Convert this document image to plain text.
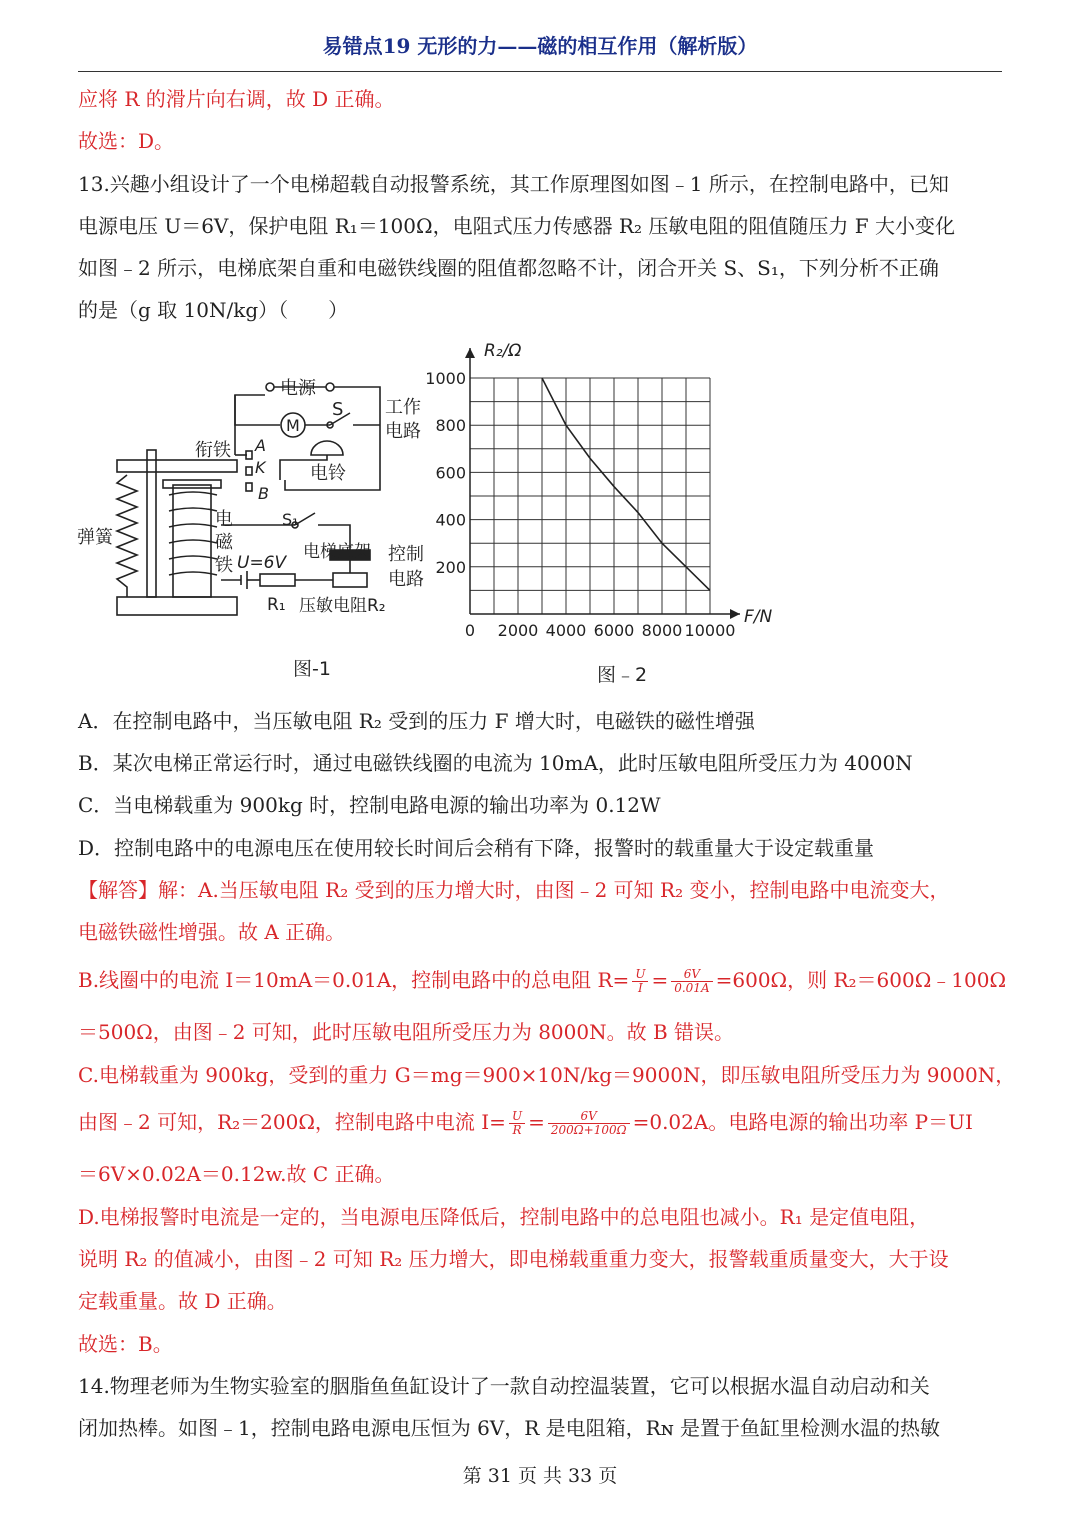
易错点19 无形的力——磁的相互作用（解析版）
应将 R 的滑片向右调，故 D 正确。
故选：D。
13.兴趣小组设计了一个电梯超载自动报警系统，其工作原理图如图﹣1 所示，在控制电路中，已知
电源电压 U＝6V，保护电阻 R₁＝100Ω，电阻式压力传感器 R₂ 压敏电阻的阻值随压力 F 大小变化
如图﹣2 所示，电梯底架自重和电磁铁线圈的阻值都忽略不计，闭合开关 S、S₁，下列分析不正确
的是（g 取 10N/kg）（　　）
电源
S 工作
电路
衔铁 A
K
B
电铃
M
弹簧
电
磁
铁
S₁
U=6V
电梯底架 控制
电路
R₁ 压敏电阻R₂
图-1
0 2000 4000 6000 8000 10000
200
400
600
800
1000
F/N
R₂/Ω
图﹣2
A．在控制电路中，当压敏电阻 R₂ 受到的压力 F 增大时，电磁铁的磁性增强
B．某次电梯正常运行时，通过电磁铁线圈的电流为 10mA，此时压敏电阻所受压力为 4000N
C．当电梯载重为 900kg 时，控制电路电源的输出功率为 0.12W
D．控制电路中的电源电压在使用较长时间后会稍有下降，报警时的载重量大于设定载重量
【解答】解：A.当压敏电阻 R₂ 受到的压力增大时，由图﹣2 可知 R₂ 变小，控制电路中电流变大，
电磁铁磁性增强。故 A 正确。
B.线圈中的电流 I＝10mA＝0.01A，控制电路中的总电阻 $R= \frac{U}{I} = \frac{6V}{0.01A} =600\Omega$，则 R₂＝600Ω﹣100Ω
＝500Ω，由图﹣2 可知，此时压敏电阻所受压力为 8000N。故 B 错误。
C.电梯载重为 900kg，受到的重力 G＝mg＝900×10N/kg＝9000N，即压敏电阻所受压力为 9000N，
由图﹣2 可知，R₂＝200Ω，控制电路中电流 $I= \frac{U}{R} = \frac{6V}{200\Omega+100\Omega} =0.02A$。电路电源的输出功率 P＝UI
＝6V×0.02A＝0.12w.故 C 正确。
D.电梯报警时电流是一定的，当电源电压降低后，控制电路中的总电阻也减小。R₁ 是定值电阻，
说明 R₂ 的值减小，由图﹣2 可知 R₂ 压力增大，即电梯载重重力变大，报警载重质量变大，大于设
定载重量。故 D 正确。
故选：B。
14.物理老师为生物实验室的胭脂鱼鱼缸设计了一款自动控温装置，它可以根据水温自动启动和关
闭加热棒。如图﹣1，控制电路电源电压恒为 6V，R 是电阻箱，Rɴ 是置于鱼缸里检测水温的热敏
第 31 页 共 33 页
